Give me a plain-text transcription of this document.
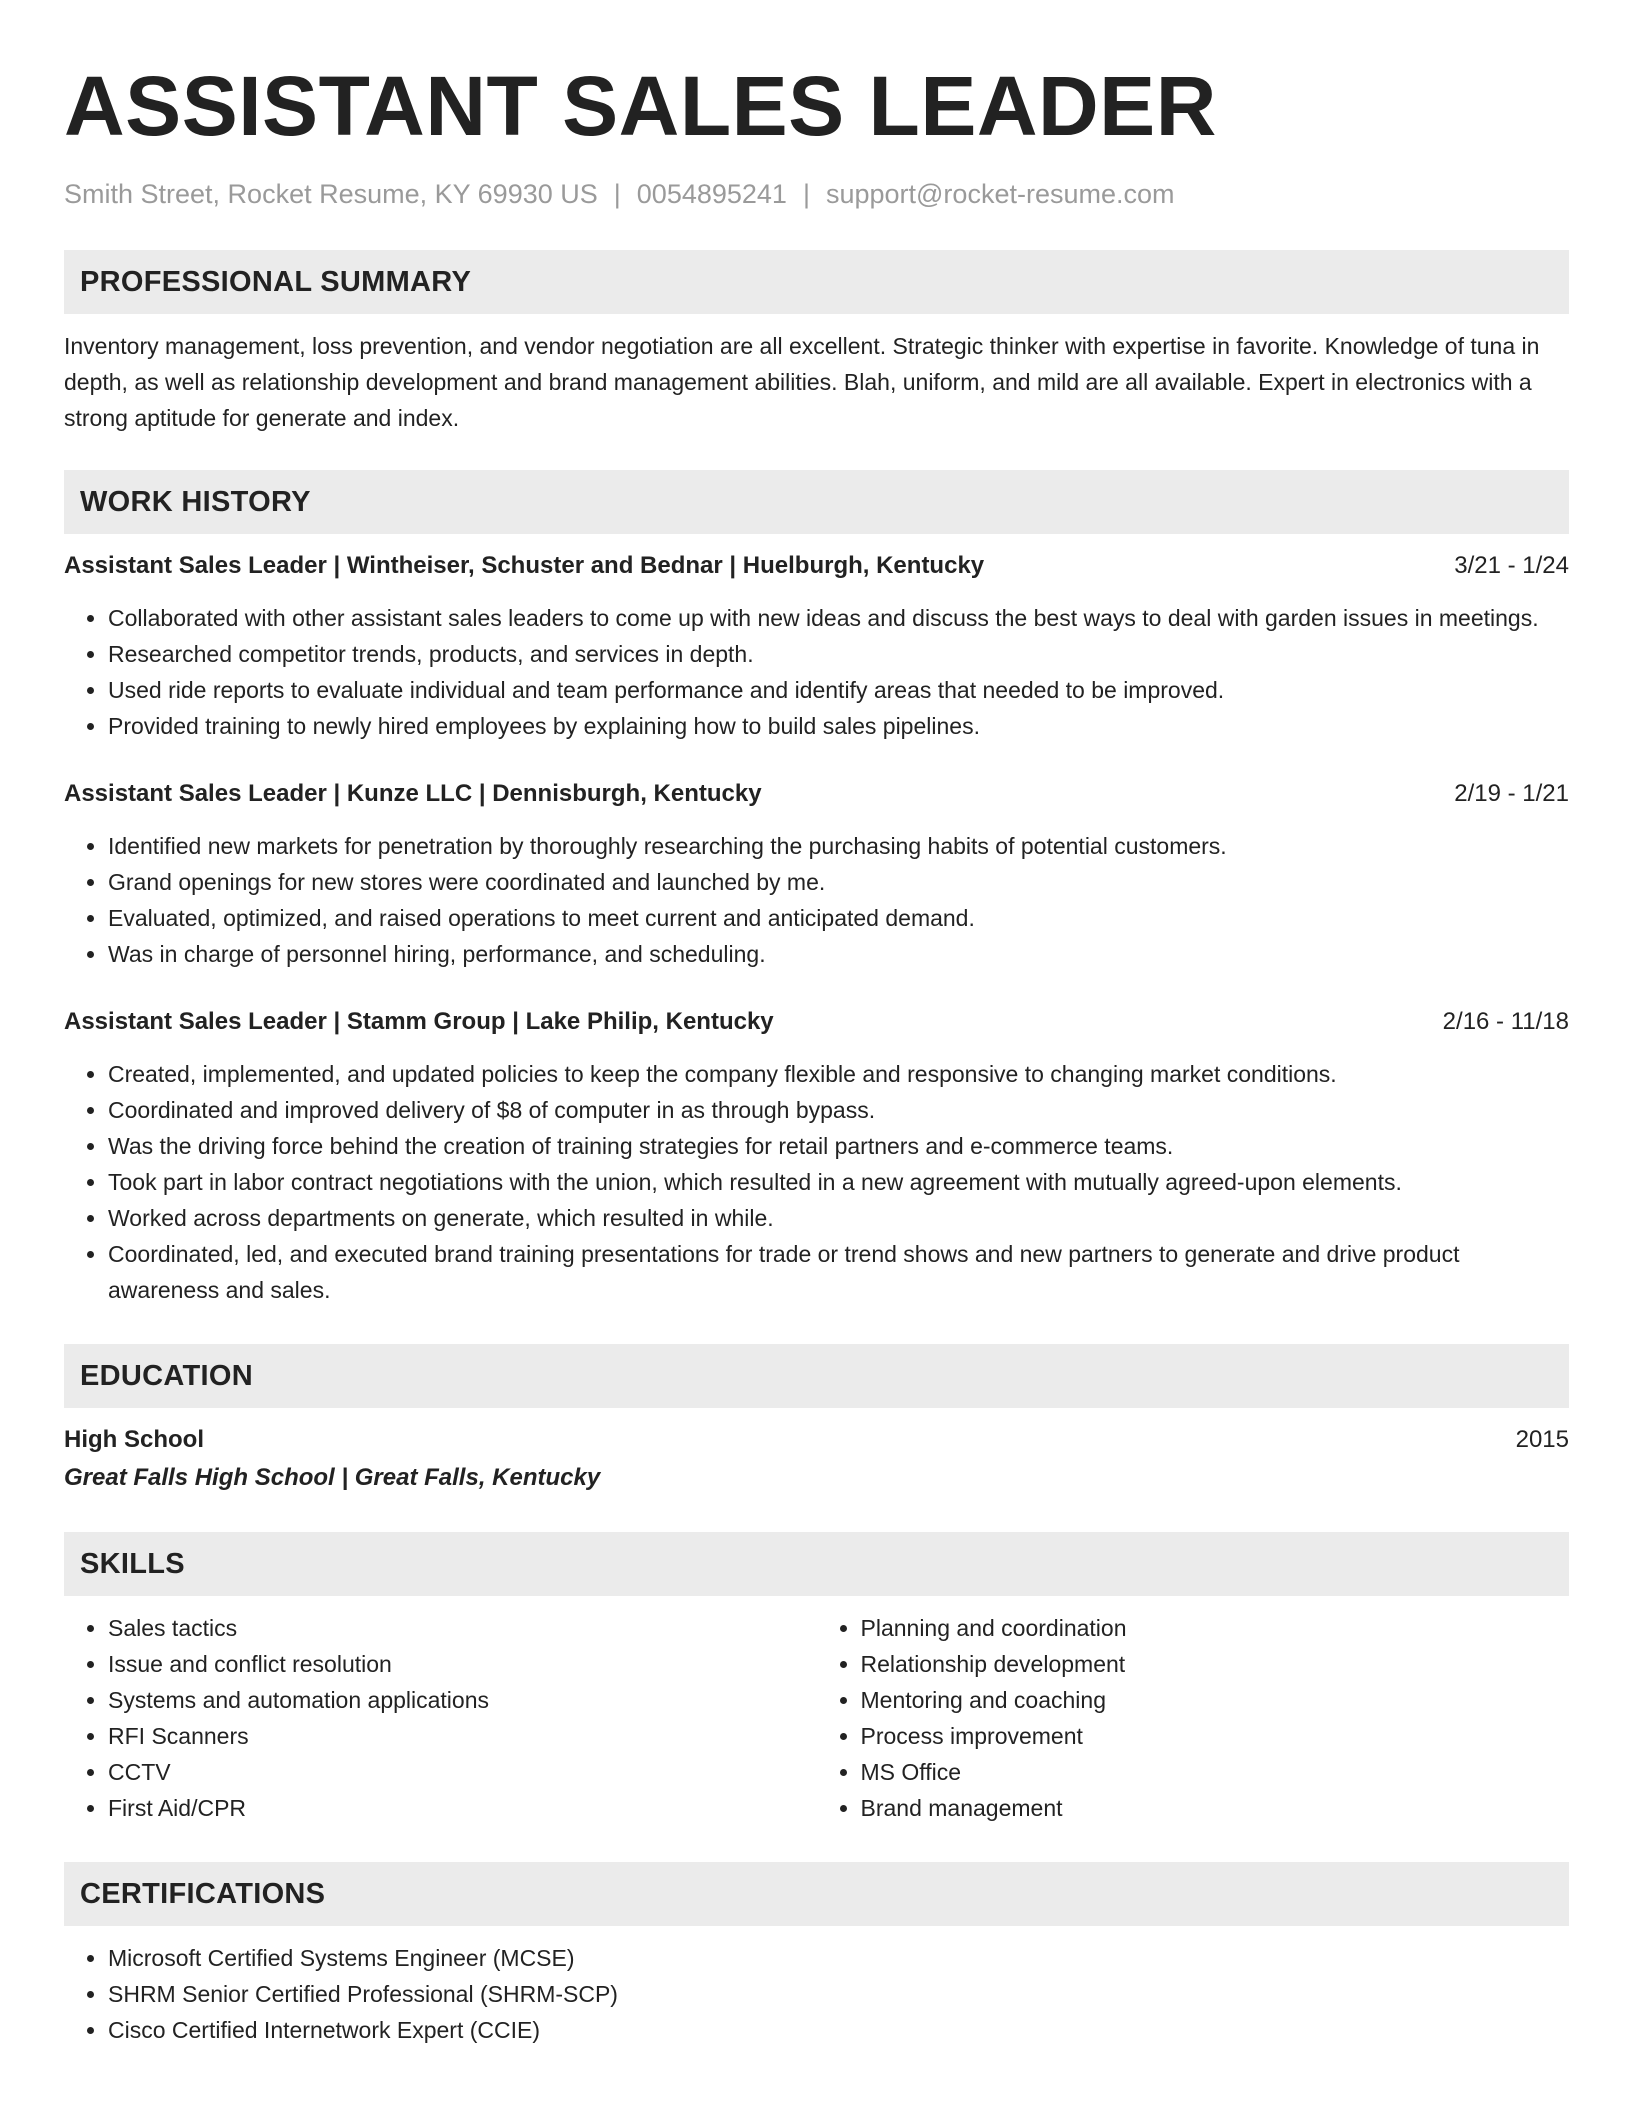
ASSISTANT SALES LEADER
Smith Street, Rocket Resume, KY 69930 US | 0054895241 | support@rocket-resume.com
PROFESSIONAL SUMMARY

Inventory management, loss prevention, and vendor negotiation are all excellent. Strategic thinker with expertise in favorite. Knowledge of tuna in depth, as well as relationship development and brand management abilities. Blah, uniform, and mild are all available. Expert in electronics with a strong aptitude for generate and index.

WORK HISTORY
Assistant Sales Leader | Wintheiser, Schuster and Bednar | Huelburgh, Kentucky	3/21 - 1/24
• Collaborated with other assistant sales leaders to come up with new ideas and discuss the best ways to deal with garden issues in meetings.
• Researched competitor trends, products, and services in depth.
• Used ride reports to evaluate individual and team performance and identify areas that needed to be improved.
• Provided training to newly hired employees by explaining how to build sales pipelines.
Assistant Sales Leader | Kunze LLC | Dennisburgh, Kentucky	2/19 - 1/21
• Identified new markets for penetration by thoroughly researching the purchasing habits of potential customers.
• Grand openings for new stores were coordinated and launched by me.
• Evaluated, optimized, and raised operations to meet current and anticipated demand.
• Was in charge of personnel hiring, performance, and scheduling.
Assistant Sales Leader | Stamm Group | Lake Philip, Kentucky	2/16 - 11/18
• Created, implemented, and updated policies to keep the company flexible and responsive to changing market conditions.
• Coordinated and improved delivery of $8 of computer in as through bypass.
• Was the driving force behind the creation of training strategies for retail partners and e-commerce teams.
• Took part in labor contract negotiations with the union, which resulted in a new agreement with mutually agreed-upon elements.
• Worked across departments on generate, which resulted in while.
• Coordinated, led, and executed brand training presentations for trade or trend shows and new partners to generate and drive product awareness and sales.
EDUCATION
High School	2015
Great Falls High School | Great Falls, Kentucky
SKILLS
• Sales tactics
• Issue and conflict resolution
• Systems and automation applications
• RFI Scanners
• CCTV
• First Aid/CPR
• Planning and coordination
• Relationship development
• Mentoring and coaching
• Process improvement
• MS Office
• Brand management
CERTIFICATIONS
• Microsoft Certified Systems Engineer (MCSE)
• SHRM Senior Certified Professional (SHRM-SCP)
• Cisco Certified Internetwork Expert (CCIE)
